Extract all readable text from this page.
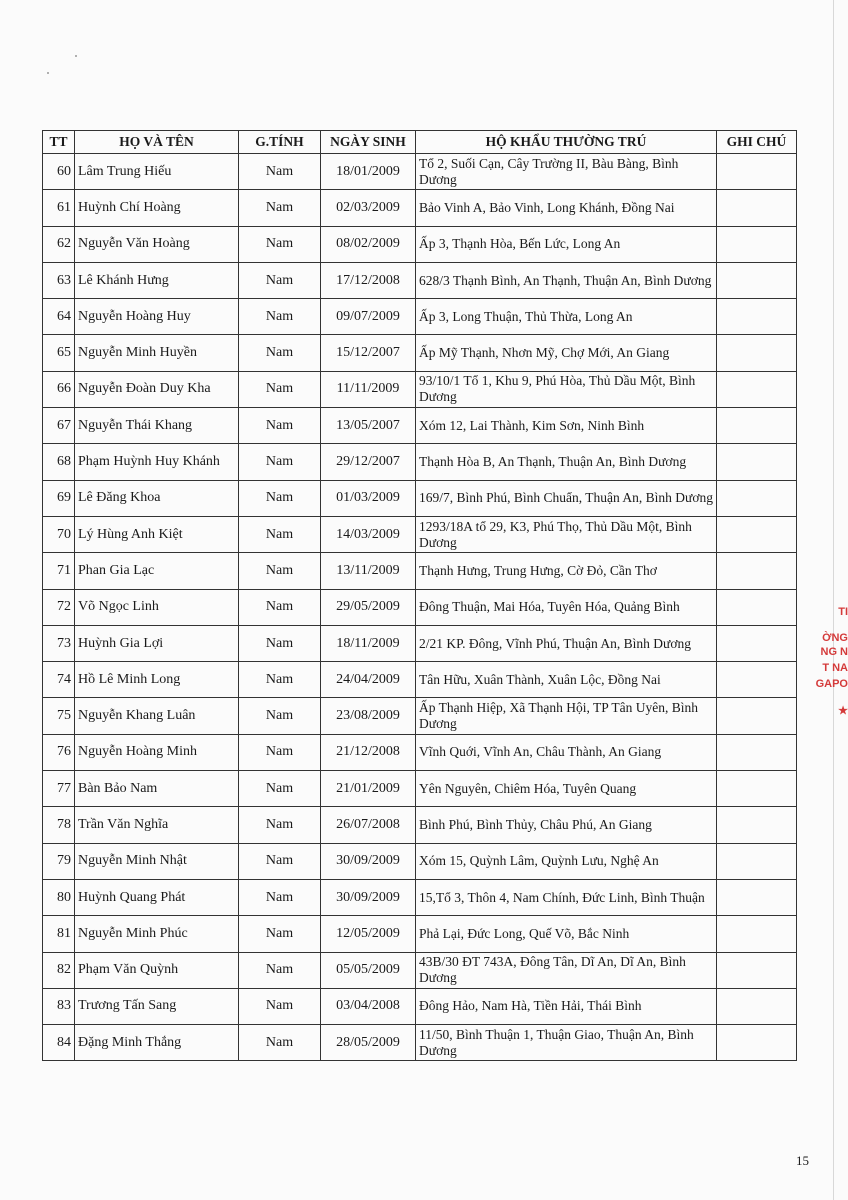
TT	HỌ VÀ TÊN	G.TÍNH	NGÀY SINH	HỘ KHẨU THƯỜNG TRÚ	GHI CHÚ
60	Lâm Trung Hiếu	Nam	18/01/2009	Tổ 2, Suối Cạn, Cây Trường II, Bàu Bàng, Bình Dương	
61	Huỳnh Chí Hoàng	Nam	02/03/2009	Bảo Vinh A, Bảo Vinh, Long Khánh, Đồng Nai	
62	Nguyễn Văn Hoàng	Nam	08/02/2009	Ấp 3, Thạnh Hòa, Bến Lức, Long An	
63	Lê Khánh Hưng	Nam	17/12/2008	628/3 Thạnh Bình, An Thạnh, Thuận An, Bình Dương	
64	Nguyễn Hoàng Huy	Nam	09/07/2009	Ấp 3, Long Thuận, Thủ Thừa, Long An	
65	Nguyễn Minh Huyền	Nam	15/12/2007	Ấp Mỹ Thạnh, Nhơn Mỹ, Chợ Mới, An Giang	
66	Nguyễn Đoàn Duy Kha	Nam	11/11/2009	93/10/1 Tổ 1, Khu 9, Phú Hòa, Thủ Dầu Một, Bình Dương	
67	Nguyễn Thái Khang	Nam	13/05/2007	Xóm 12, Lai Thành, Kim Sơn, Ninh Bình	
68	Phạm Huỳnh Huy Khánh	Nam	29/12/2007	Thạnh Hòa B, An Thạnh, Thuận An, Bình Dương	
69	Lê Đăng Khoa	Nam	01/03/2009	169/7, Bình Phú, Bình Chuẩn, Thuận An, Bình Dương	
70	Lý Hùng Anh Kiệt	Nam	14/03/2009	1293/18A tổ 29, K3, Phú Thọ, Thủ Dầu Một, Bình Dương	
71	Phan Gia Lạc	Nam	13/11/2009	Thạnh Hưng, Trung Hưng, Cờ Đỏ, Cần Thơ	
72	Võ Ngọc Linh	Nam	29/05/2009	Đông Thuận, Mai Hóa, Tuyên Hóa, Quảng Bình	
73	Huỳnh Gia Lợi	Nam	18/11/2009	2/21 KP. Đông, Vĩnh Phú, Thuận An, Bình Dương	
74	Hồ Lê Minh Long	Nam	24/04/2009	Tân Hữu, Xuân Thành, Xuân Lộc, Đồng Nai	
75	Nguyễn Khang Luân	Nam	23/08/2009	Ấp Thạnh Hiệp, Xã Thạnh Hội, TP Tân Uyên, Bình Dương	
76	Nguyễn Hoàng Minh	Nam	21/12/2008	Vĩnh Quới, Vĩnh An, Châu Thành, An Giang	
77	Bàn Bảo Nam	Nam	21/01/2009	Yên Nguyên, Chiêm Hóa, Tuyên Quang	
78	Trần Văn Nghĩa	Nam	26/07/2008	Bình Phú, Bình Thủy, Châu Phú, An Giang	
79	Nguyễn Minh Nhật	Nam	30/09/2009	Xóm 15, Quỳnh Lâm, Quỳnh Lưu, Nghệ An	
80	Huỳnh Quang Phát	Nam	30/09/2009	15,Tổ 3, Thôn 4, Nam Chính, Đức Linh, Bình Thuận	
81	Nguyễn Minh Phúc	Nam	12/05/2009	Phả Lại, Đức Long, Quế Võ, Bắc Ninh	
82	Phạm Văn Quỳnh	Nam	05/05/2009	43B/30 ĐT 743A, Đông Tân, Dĩ An, Dĩ An, Bình Dương	
83	Trương Tấn Sang	Nam	03/04/2008	Đông Hảo, Nam Hà, Tiền Hải, Thái Bình	
84	Đặng Minh Thắng	Nam	28/05/2009	11/50, Bình Thuận 1, Thuận Giao, Thuận An, Bình Dương	
TI
ỜNG
NG N
T NA
GAPO
★
15
